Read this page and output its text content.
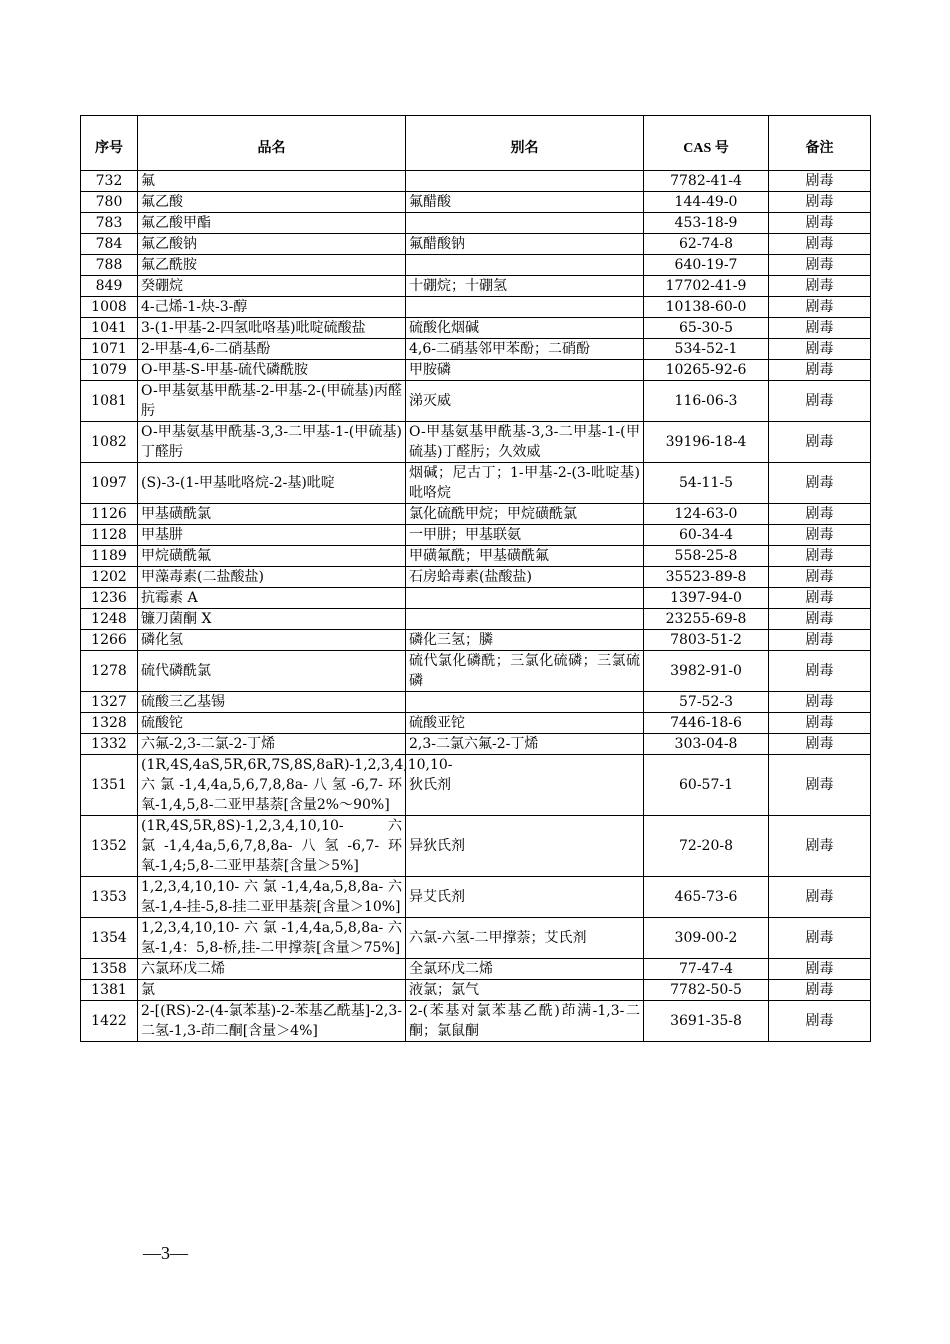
序号	品名	别名	CAS 号	备注
732	氟		7782-41-4	剧毒
780	氟乙酸	氟醋酸	144-49-0	剧毒
783	氟乙酸甲酯		453-18-9	剧毒
784	氟乙酸钠	氟醋酸钠	62-74-8	剧毒
788	氟乙酰胺		640-19-7	剧毒
849	癸硼烷	十硼烷；十硼氢	17702-41-9	剧毒
1008	4-己烯-1-炔-3-醇		10138-60-0	剧毒
1041	3-(1-甲基-2-四氢吡咯基)吡啶硫酸盐	硫酸化烟碱	65-30-5	剧毒
1071	2-甲基-4,6-二硝基酚	4,6-二硝基邻甲苯酚；二硝酚	534-52-1	剧毒
1079	O-甲基-S-甲基-硫代磷酰胺	甲胺磷	10265-92-6	剧毒
1081	O-甲基氨基甲酰基-2-甲基-2-(甲硫基)丙醛肟	涕灭威	116-06-3	剧毒
1082	O-甲基氨基甲酰基-3,3-二甲基-1-(甲硫基)丁醛肟	O-甲基氨基甲酰基-3,3-二甲基-1-(甲硫基)丁醛肟；久效威	39196-18-4	剧毒
1097	(S)-3-(1-甲基吡咯烷-2-基)吡啶	烟碱；尼古丁；1-甲基-2-(3-吡啶基)吡咯烷	54-11-5	剧毒
1126	甲基磺酰氯	氯化硫酰甲烷；甲烷磺酰氯	124-63-0	剧毒
1128	甲基肼	一甲肼；甲基联氨	60-34-4	剧毒
1189	甲烷磺酰氟	甲磺氟酰；甲基磺酰氟	558-25-8	剧毒
1202	甲藻毒素(二盐酸盐)	石房蛤毒素(盐酸盐)	35523-89-8	剧毒
1236	抗霉素 A		1397-94-0	剧毒
1248	镰刀菌酮 X		23255-69-8	剧毒
1266	磷化氢	磷化三氢；膦	7803-51-2	剧毒
1278	硫代磷酰氯	硫代氯化磷酰；三氯化硫磷；三氯硫磷	3982-91-0	剧毒
1327	硫酸三乙基锡		57-52-3	剧毒
1328	硫酸铊	硫酸亚铊	7446-18-6	剧毒
1332	六氟-2,3-二氯-2-丁烯	2,3-二氯六氟-2-丁烯	303-04-8	剧毒
1351	(1R,4S,4aS,5R,6R,7S,8S,8aR)-1,2,3,4,10,10-六氯-1,4,4a,5,6,7,8,8a-八氢-6,7-环氧-1,4,5,8-二亚甲基萘[含量2%～90%]	狄氏剂	60-57-1	剧毒
1352	(1R,4S,5R,8S)-1,2,3,4,10,10-六氯-1,4,4a,5,6,7,8,8a-八氢-6,7-环氧-1,4;5,8-二亚甲基萘[含量＞5%]	异狄氏剂	72-20-8	剧毒
1353	1,2,3,4,10,10-六氯-1,4,4a,5,8,8a-六氢-1,4-挂-5,8-挂二亚甲基萘[含量＞10%]	异艾氏剂	465-73-6	剧毒
1354	1,2,3,4,10,10-六氯-1,4,4a,5,8,8a-六氢-1,4：5,8-桥,挂-二甲撑萘[含量＞75%]	六氯-六氢-二甲撑萘；艾氏剂	309-00-2	剧毒
1358	六氯环戊二烯	全氯环戊二烯	77-47-4	剧毒
1381	氯	液氯；氯气	7782-50-5	剧毒
1422	2-[(RS)-2-(4-氯苯基)-2-苯基乙酰基]-2,3-二氢-1,3-茚二酮[含量＞4%]	2-(苯基对氯苯基乙酰)茚满-1,3-二酮；氯鼠酮	3691-35-8	剧毒
—3—
